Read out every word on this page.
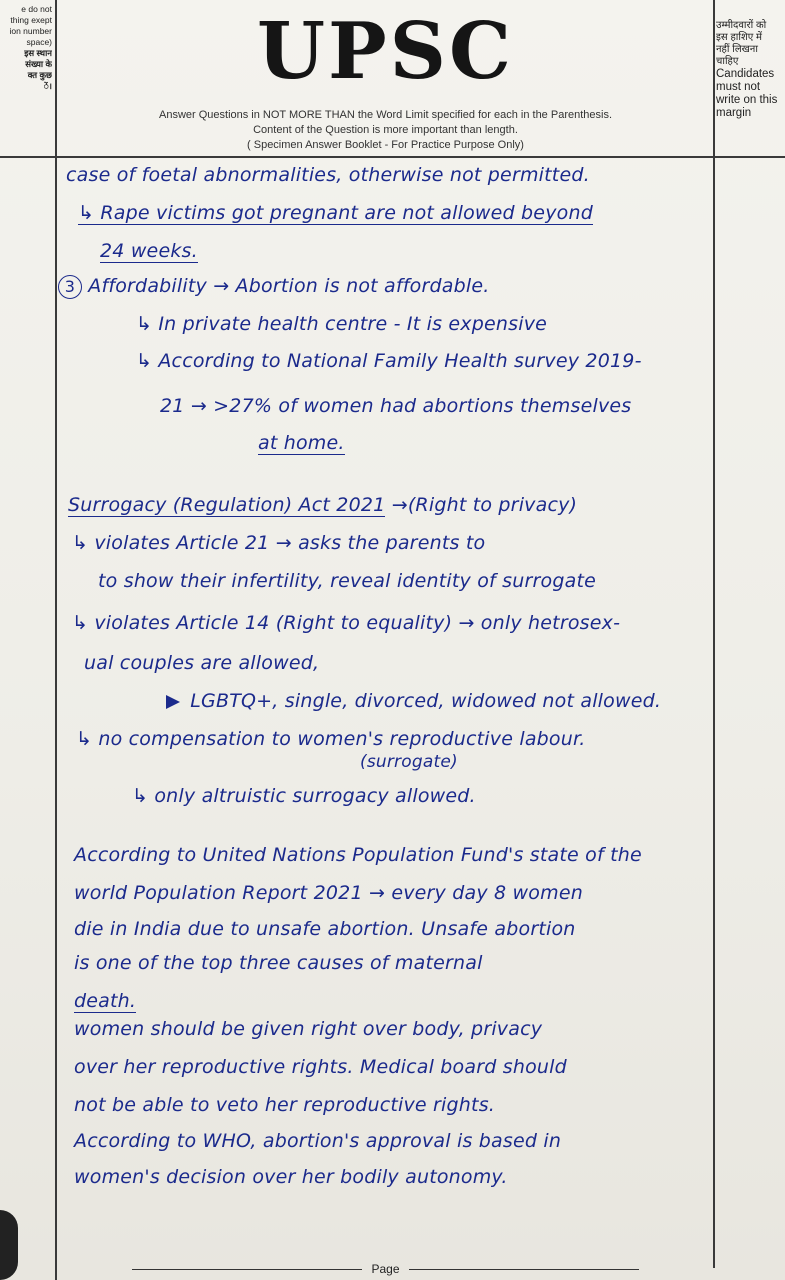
e do not
thing exept
ion number
space)
इस स्थान
संख्या के
क्त कुछ
ें।
उम्मीदवारों को
इस हाशिए में
नहीं लिखना
चाहिए
Candidates
must not
write on this
margin
UPSC
Answer Questions in NOT MORE THAN the Word Limit specified for each in the Parenthesis.
Content of the Question is more important than length.
( Specimen Answer Booklet - For Practice Purpose Only)
case of foetal abnormalities, otherwise not permitted.
↳ Rape victims got pregnant are not allowed beyond
24 weeks.
3 Affordability → Abortion is not affordable.
↳ In private health centre - It is expensive
↳ According to National Family Health survey 2019-
21 → >27% of women had abortions themselves
at home.
Surrogacy (Regulation) Act 2021 →(Right to privacy)
↳ violates Article 21 → asks the parents to
to show their infertility, reveal identity of surrogate
↳ violates Article 14 (Right to equality) → only hetrosex-
ual couples are allowed,
LGBTQ+, single, divorced, widowed not allowed.
↳ no compensation to women's reproductive labour.
(surrogate)
↳ only altruistic surrogacy allowed.
According to United Nations Population Fund's state of the
world Population Report 2021 → every day 8 women
die in India due to unsafe abortion. Unsafe abortion
is one of the top three causes of maternal
death.
women should be given right over body, privacy
over her reproductive rights. Medical board should
not be able to veto her reproductive rights.
According to WHO, abortion's approval is based in
women's decision over her bodily autonomy.
Page
